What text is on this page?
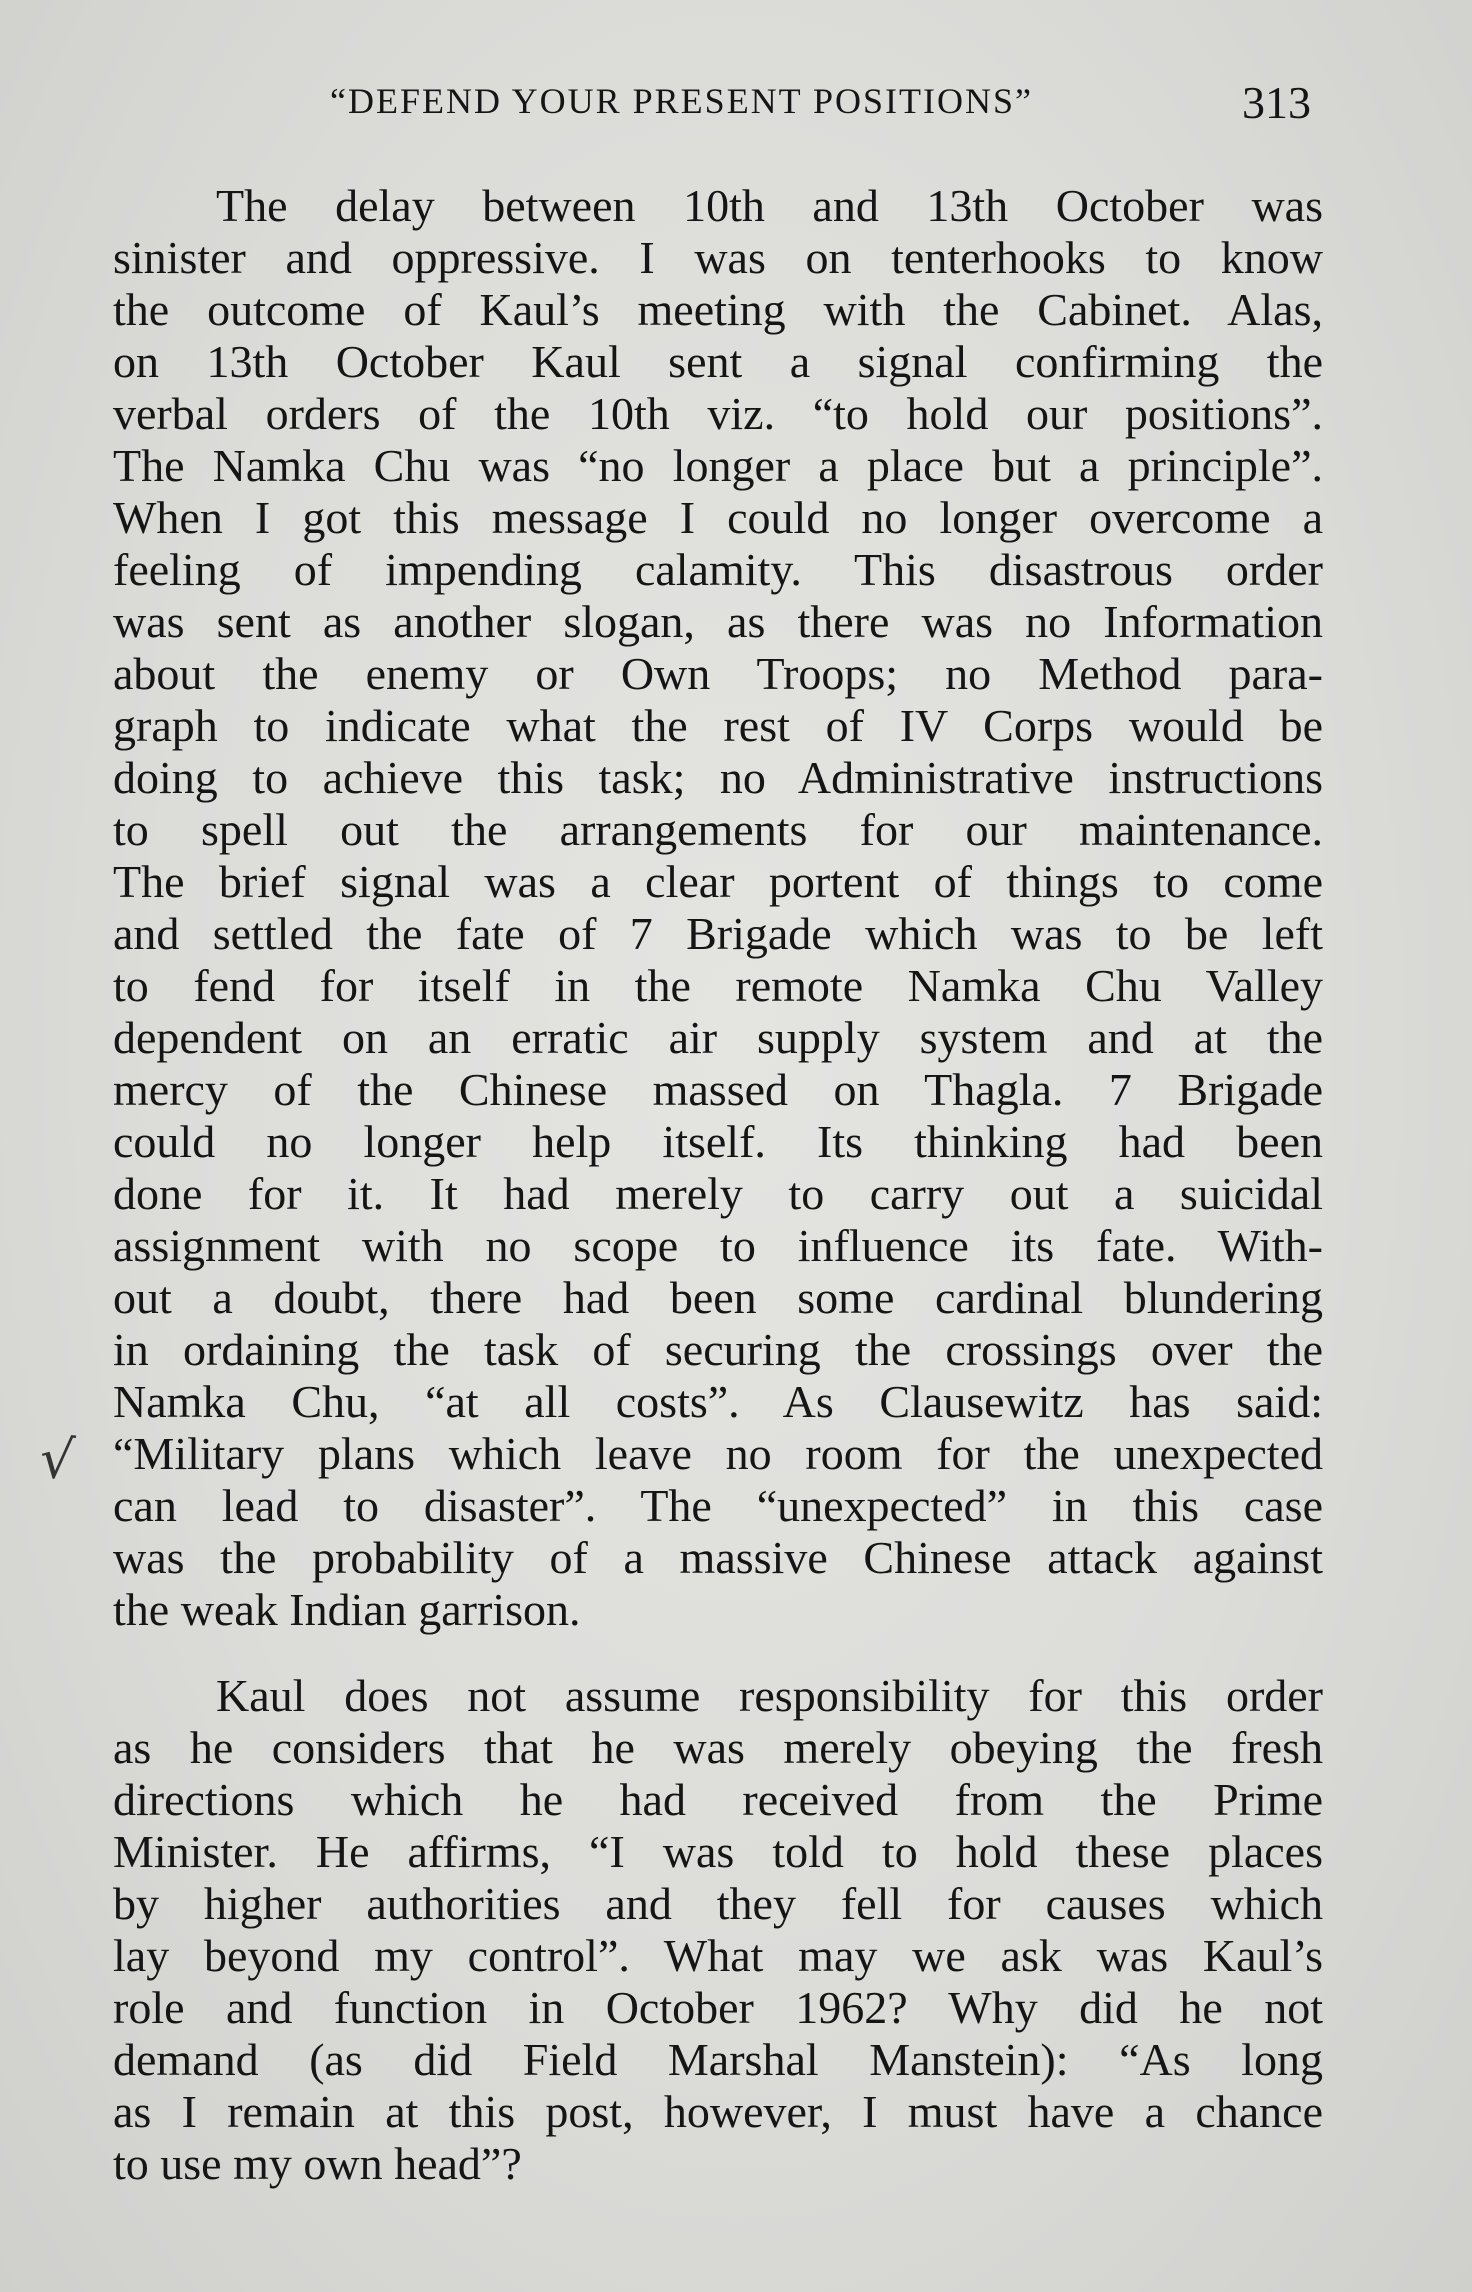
“DEFEND YOUR PRESENT POSITIONS”	313
√

The delay between 10th and 13th October was
sinister and oppressive. I was on tenterhooks to know
the outcome of Kaul’s meeting with the Cabinet. Alas,
on 13th October Kaul sent a signal confirming the
verbal orders of the 10th viz. “to hold our positions”.
The Namka Chu was “no longer a place but a principle”.
When I got this message I could no longer overcome a
feeling of impending calamity. This disastrous order
was sent as another slogan, as there was no Information
about the enemy or Own Troops; no Method para-
graph to indicate what the rest of IV Corps would be
doing to achieve this task; no Administrative instructions
to spell out the arrangements for our maintenance.
The brief signal was a clear portent of things to come
and settled the fate of 7 Brigade which was to be left
to fend for itself in the remote Namka Chu Valley
dependent on an erratic air supply system and at the
mercy of the Chinese massed on Thagla. 7 Brigade
could no longer help itself. Its thinking had been
done for it. It had merely to carry out a suicidal
assignment with no scope to influence its fate. With-
out a doubt, there had been some cardinal blundering
in ordaining the task of securing the crossings over the
Namka Chu, “at all costs”. As Clausewitz has said:
“Military plans which leave no room for the unexpected
can lead to disaster”. The “unexpected” in this case
was the probability of a massive Chinese attack against
the weak Indian garrison.

Kaul does not assume responsibility for this order
as he considers that he was merely obeying the fresh
directions which he had received from the Prime
Minister. He affirms, “I was told to hold these places
by higher authorities and they fell for causes which
lay beyond my control”. What may we ask was Kaul’s
role and function in October 1962? Why did he not
demand (as did Field Marshal Manstein): “As long
as I remain at this post, however, I must have a chance
to use my own head”?
